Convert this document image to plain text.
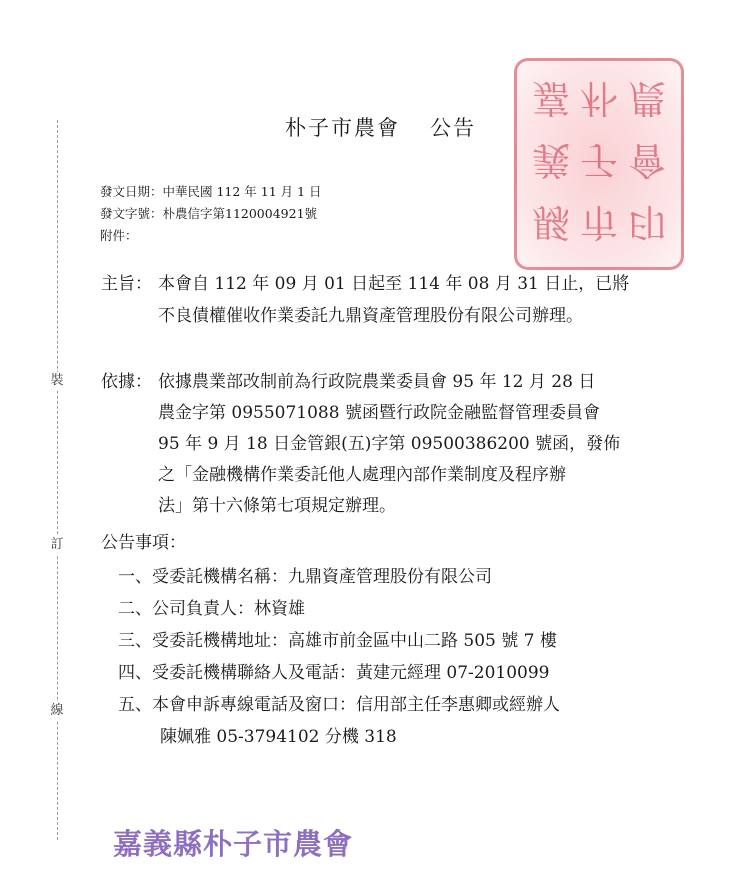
裝
訂
線
嘉
義
縣
朴
子
市
農
會
印
朴子市農會 公告
發文日期：中華民國 112 年 11 月 1 日
發文字號：朴農信字第1120004921號
附件：
主旨： 本會自 112 年 09 月 01 日起至 114 年 08 月 31 日止，已將
不良債權催收作業委託九鼎資產管理股份有限公司辦理。
依據： 依據農業部改制前為行政院農業委員會 95 年 12 月 28 日
農金字第 0955071088 號函暨行政院金融監督管理委員會
95 年 9 月 18 日金管銀(五)字第 09500386200 號函，發佈
之「金融機構作業委託他人處理內部作業制度及程序辦
法」第十六條第七項規定辦理。
公告事項：
一、受委託機構名稱：九鼎資產管理股份有限公司
二、公司負責人：林資雄
三、受委託機構地址：高雄市前金區中山二路 505 號 7 樓
四、受委託機構聯絡人及電話：黃建元經理 07-2010099
五、本會申訴專線電話及窗口：信用部主任李惠卿或經辦人
陳姵雅 05-3794102 分機 318
嘉義縣朴子市農會
